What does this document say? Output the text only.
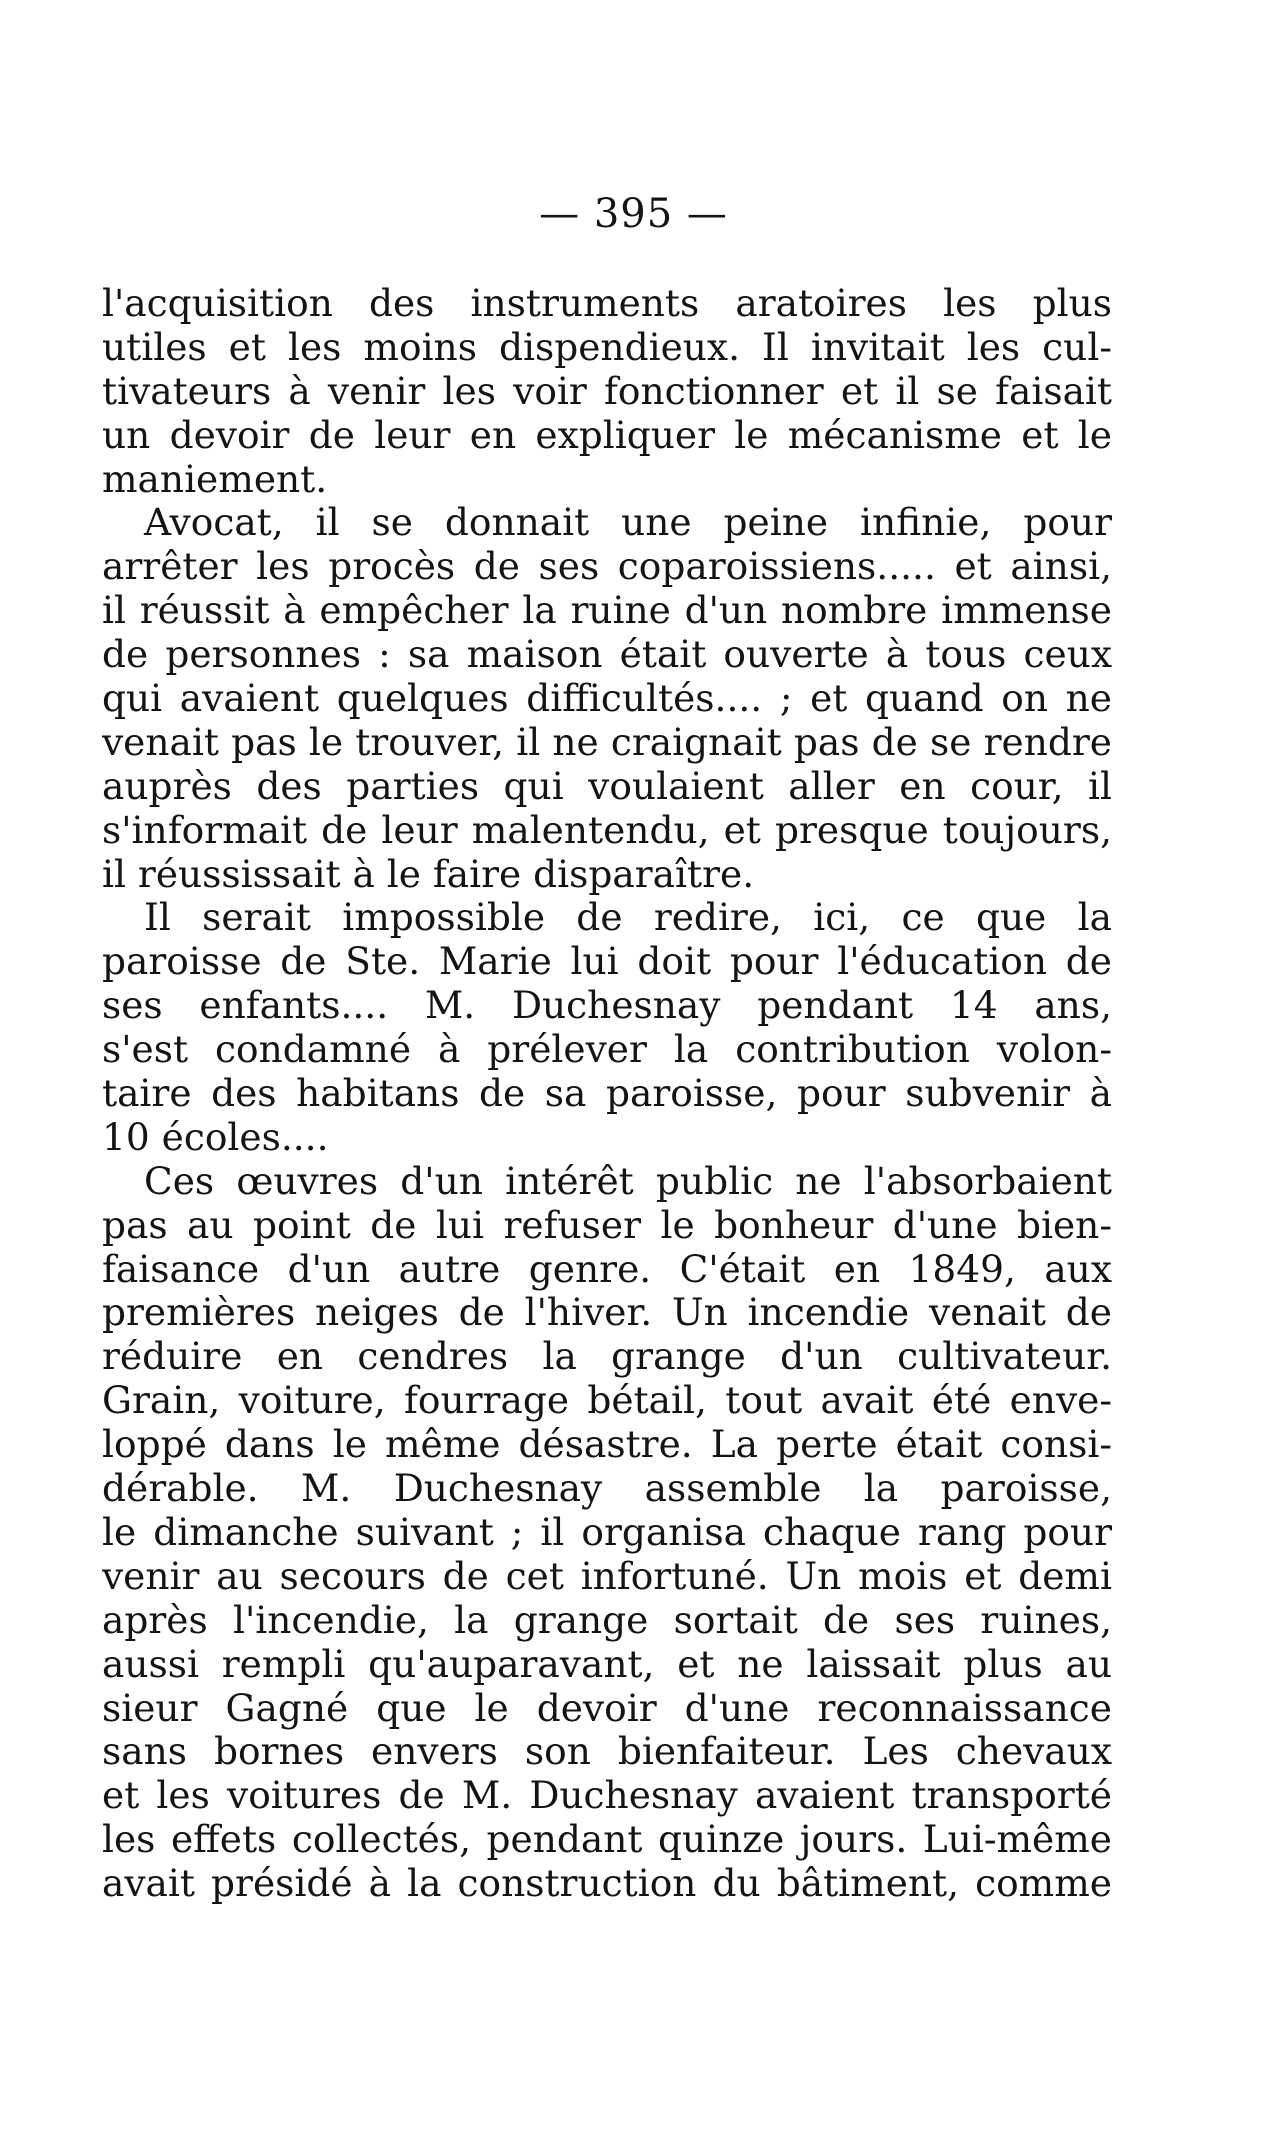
— 395 —
l'acquisition des instruments aratoires les plus
utiles et les moins dispendieux. Il invitait les cul-
tivateurs à venir les voir fonctionner et il se faisait
un devoir de leur en expliquer le mécanisme et le
maniement.
Avocat, il se donnait une peine infinie, pour
arrêter les procès de ses coparoissiens..... et ainsi,
il réussit à empêcher la ruine d'un nombre immense
de personnes : sa maison était ouverte à tous ceux
qui avaient quelques difficultés.... ; et quand on ne
venait pas le trouver, il ne craignait pas de se rendre
auprès des parties qui voulaient aller en cour, il
s'informait de leur malentendu, et presque toujours,
il réussissait à le faire disparaître.
Il serait impossible de redire, ici, ce que la
paroisse de Ste. Marie lui doit pour l'éducation de
ses enfants.... M. Duchesnay pendant 14 ans,
s'est condamné à prélever la contribution volon-
taire des habitans de sa paroisse, pour subvenir à
10 écoles....
Ces œuvres d'un intérêt public ne l'absorbaient
pas au point de lui refuser le bonheur d'une bien-
faisance d'un autre genre. C'était en 1849, aux
premières neiges de l'hiver. Un incendie venait de
réduire en cendres la grange d'un cultivateur.
Grain, voiture, fourrage bétail, tout avait été enve-
loppé dans le même désastre. La perte était consi-
dérable. M. Duchesnay assemble la paroisse,
le dimanche suivant ; il organisa chaque rang pour
venir au secours de cet infortuné. Un mois et demi
après l'incendie, la grange sortait de ses ruines,
aussi rempli qu'auparavant, et ne laissait plus au
sieur Gagné que le devoir d'une reconnaissance
sans bornes envers son bienfaiteur. Les chevaux
et les voitures de M. Duchesnay avaient transporté
les effets collectés, pendant quinze jours. Lui-même
avait présidé à la construction du bâtiment, comme
